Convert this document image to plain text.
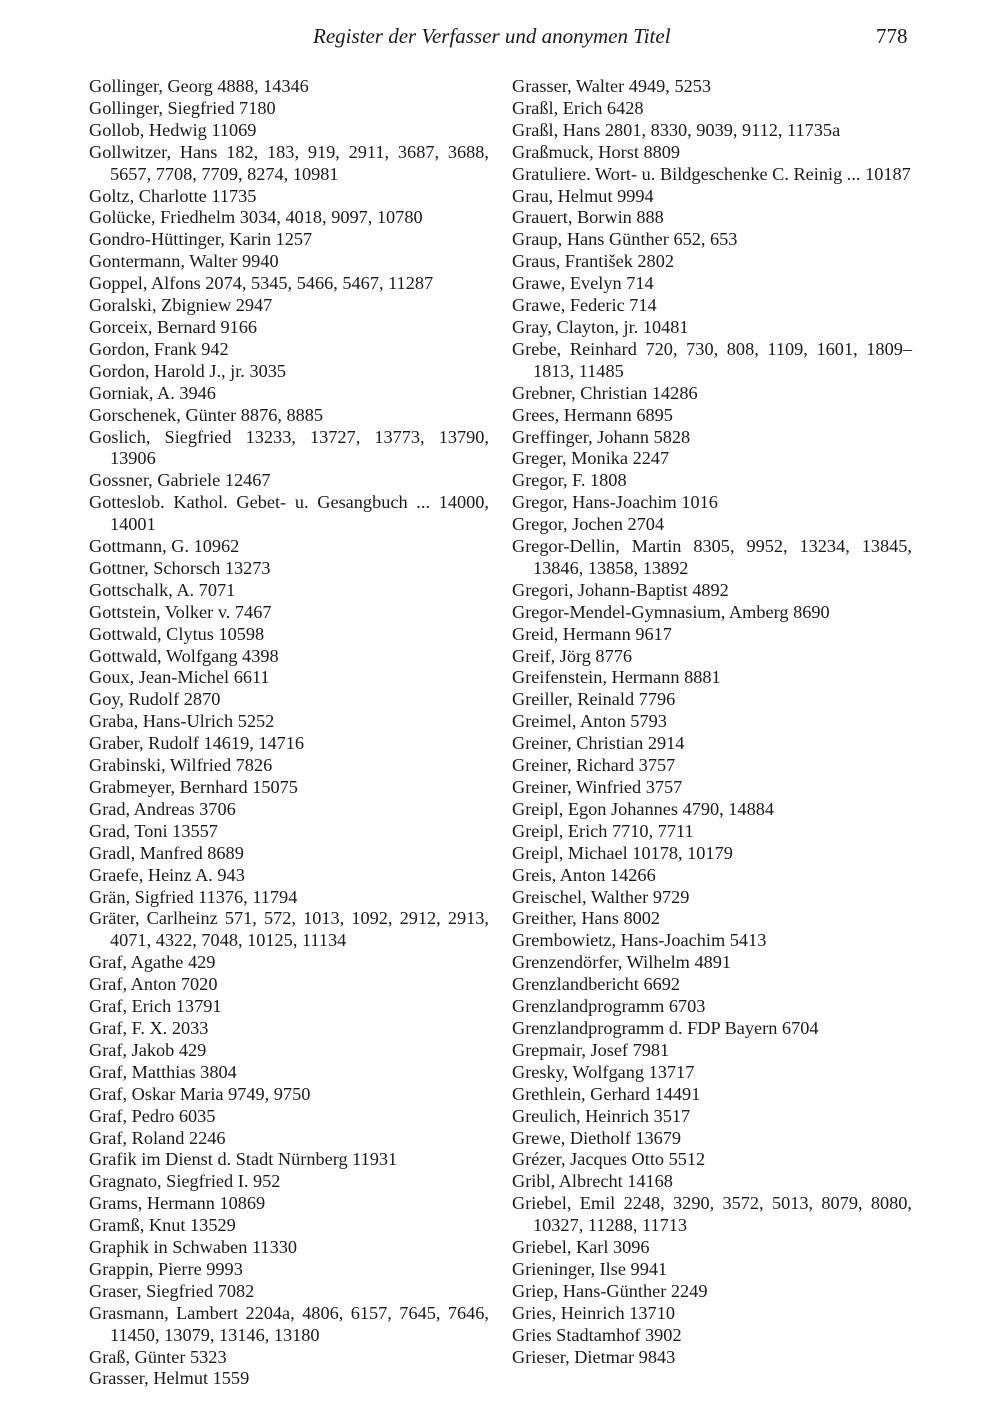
Register der Verfasser und anonymen Titel	778
Gollinger, Georg 4888, 14346
Gollinger, Siegfried 7180
Gollob, Hedwig 11069
Gollwitzer, Hans 182, 183, 919, 2911, 3687, 3688, 5657, 7708, 7709, 8274, 10981
Goltz, Charlotte 11735
Golücke, Friedhelm 3034, 4018, 9097, 10780
Gondro-Hüttinger, Karin 1257
Gontermann, Walter 9940
Goppel, Alfons 2074, 5345, 5466, 5467, 11287
Goralski, Zbigniew 2947
Gorceix, Bernard 9166
Gordon, Frank 942
Gordon, Harold J., jr. 3035
Gorniak, A. 3946
Gorschenek, Günter 8876, 8885
Goslich, Siegfried 13233, 13727, 13773, 13790, 13906
Gossner, Gabriele 12467
Gotteslob. Kathol. Gebet- u. Gesangbuch ... 14000, 14001
Gottmann, G. 10962
Gottner, Schorsch 13273
Gottschalk, A. 7071
Gottstein, Volker v. 7467
Gottwald, Clytus 10598
Gottwald, Wolfgang 4398
Goux, Jean-Michel 6611
Goy, Rudolf 2870
Graba, Hans-Ulrich 5252
Graber, Rudolf 14619, 14716
Grabinski, Wilfried 7826
Grabmeyer, Bernhard 15075
Grad, Andreas 3706
Grad, Toni 13557
Gradl, Manfred 8689
Graefe, Heinz A. 943
Grän, Sigfried 11376, 11794
Gräter, Carlheinz 571, 572, 1013, 1092, 2912, 2913, 4071, 4322, 7048, 10125, 11134
Graf, Agathe 429
Graf, Anton 7020
Graf, Erich 13791
Graf, F. X. 2033
Graf, Jakob 429
Graf, Matthias 3804
Graf, Oskar Maria 9749, 9750
Graf, Pedro 6035
Graf, Roland 2246
Grafik im Dienst d. Stadt Nürnberg 11931
Gragnato, Siegfried I. 952
Grams, Hermann 10869
Gramß, Knut 13529
Graphik in Schwaben 11330
Grappin, Pierre 9993
Graser, Siegfried 7082
Grasmann, Lambert 2204a, 4806, 6157, 7645, 7646, 11450, 13079, 13146, 13180
Graß, Günter 5323
Grasser, Helmut 1559
Grasser, Walter 4949, 5253
Graßl, Erich 6428
Graßl, Hans 2801, 8330, 9039, 9112, 11735a
Graßmuck, Horst 8809
Gratuliere. Wort- u. Bildgeschenke C. Reinig ... 10187
Grau, Helmut 9994
Grauert, Borwin 888
Graup, Hans Günther 652, 653
Graus, František 2802
Grawe, Evelyn 714
Grawe, Federic 714
Gray, Clayton, jr. 10481
Grebe, Reinhard 720, 730, 808, 1109, 1601, 1809–1813, 11485
Grebner, Christian 14286
Grees, Hermann 6895
Greffinger, Johann 5828
Greger, Monika 2247
Gregor, F. 1808
Gregor, Hans-Joachim 1016
Gregor, Jochen 2704
Gregor-Dellin, Martin 8305, 9952, 13234, 13845, 13846, 13858, 13892
Gregori, Johann-Baptist 4892
Gregor-Mendel-Gymnasium, Amberg 8690
Greid, Hermann 9617
Greif, Jörg 8776
Greifenstein, Hermann 8881
Greiller, Reinald 7796
Greimel, Anton 5793
Greiner, Christian 2914
Greiner, Richard 3757
Greiner, Winfried 3757
Greipl, Egon Johannes 4790, 14884
Greipl, Erich 7710, 7711
Greipl, Michael 10178, 10179
Greis, Anton 14266
Greischel, Walther 9729
Greither, Hans 8002
Grembowietz, Hans-Joachim 5413
Grenzendörfer, Wilhelm 4891
Grenzlandbericht 6692
Grenzlandprogramm 6703
Grenzlandprogramm d. FDP Bayern 6704
Grepmair, Josef 7981
Gresky, Wolfgang 13717
Grethlein, Gerhard 14491
Greulich, Heinrich 3517
Grewe, Dietholf 13679
Grézer, Jacques Otto 5512
Gribl, Albrecht 14168
Griebel, Emil 2248, 3290, 3572, 5013, 8079, 8080, 10327, 11288, 11713
Griebel, Karl 3096
Grieninger, Ilse 9941
Griep, Hans-Günther 2249
Gries, Heinrich 13710
Gries Stadtamhof 3902
Grieser, Dietmar 9843
